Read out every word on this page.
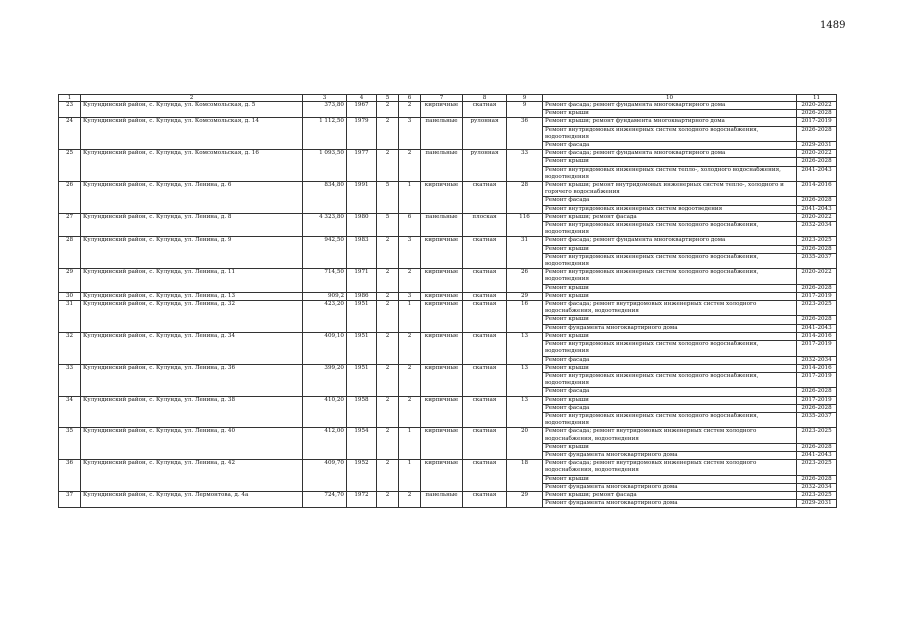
1489
1	2	3	4	5	6	7	8	9	10	11
23	Кулундинский район, с. Кулунда, ул. Комсомольская, д. 5	373,80	1967	2	2	кирпичные	скатная	9	Ремонт фасада; ремонт фундамента многоквартирного дома	2020-2022
									Ремонт крыши	2026-2028
24	Кулундинский район, с. Кулунда, ул. Комсомольская, д. 14	1 112,50	1979	2	3	панельные	рулонная	36	Ремонт крыши; ремонт фундамента многоквартирного дома	2017-2019
									Ремонт внутридомовых инженерных систем холодного водоснабжения, водоотведения	2026-2028
									Ремонт фасада	2029-2031
25	Кулундинский район, с. Кулунда, ул. Комсомольская, д. 16	1 093,50	1977	2	2	панельные	рулонная	33	Ремонт фасада; ремонт фундамента многоквартирного дома	2020-2022
									Ремонт крыши	2026-2028
									Ремонт внутридомовых инженерных систем тепло-, холодного водоснабжения, водоотведения	2041-2043
26	Кулундинский район, с. Кулунда, ул. Ленина, д. 6	834,80	1991	5	1	кирпичные	скатная	28	Ремонт крыши; ремонт внутридомовых инженерных систем тепло-, холодного и горячего водоснабжения	2014-2016
									Ремонт фасада	2026-2028
									Ремонт внутридомовых инженерных систем водоотведения	2041-2043
27	Кулундинский район, с. Кулунда, ул. Ленина, д. 8	4 323,80	1980	5	6	панельные	плоская	116	Ремонт крыши; ремонт фасада	2020-2022
									Ремонт внутридомовых инженерных систем холодного водоснабжения, водоотведения	2032-2034
28	Кулундинский район, с. Кулунда, ул. Ленина, д. 9	942,50	1983	2	3	кирпичные	скатная	31	Ремонт фасада; ремонт фундамента многоквартирного дома	2023-2025
									Ремонт крыши	2026-2028
									Ремонт внутридомовых инженерных систем холодного водоснабжения, водоотведения	2035-2037
29	Кулундинский район, с. Кулунда, ул. Ленина, д. 11	714,50	1971	2	2	кирпичные	скатная	26	Ремонт внутридомовых инженерных систем холодного водоснабжения, водоотведения	2020-2022
									Ремонт крыши	2026-2028
30	Кулундинский район, с. Кулунда, ул. Ленина, д. 13	909,2	1986	2	3	кирпичные	скатная	29	Ремонт крыши	2017-2019
31	Кулундинский район, с. Кулунда, ул. Ленина, д. 32	423,20	1951	2	1	кирпичные	скатная	16	Ремонт фасада; ремонт внутридомовых инженерных систем холодного водоснабжения, водоотведения	2023-2025
									Ремонт крыши	2026-2028
									Ремонт фундамента многоквартирного дома	2041-2043
32	Кулундинский район, с. Кулунда, ул. Ленина, д. 34	409,10	1951	2	2	кирпичные	скатная	13	Ремонт крыши	2014-2016
									Ремонт внутридомовых инженерных систем холодного водоснабжения, водоотведения	2017-2019
									Ремонт фасада	2032-2034
33	Кулундинский район, с. Кулунда, ул. Ленина, д. 36	399,20	1951	2	2	кирпичные	скатная	13	Ремонт крыши	2014-2016
									Ремонт внутридомовых инженерных систем холодного водоснабжения, водоотведения	2017-2019
									Ремонт фасада	2026-2028
34	Кулундинский район, с. Кулунда, ул. Ленина, д. 38	410,20	1958	2	2	кирпичные	скатная	13	Ремонт крыши	2017-2019
									Ремонт фасада	2026-2028
									Ремонт внутридомовых инженерных систем холодного водоснабжения, водоотведения	2035-2037
35	Кулундинский район, с. Кулунда, ул. Ленина, д. 40	412,00	1954	2	1	кирпичные	скатная	20	Ремонт фасада; ремонт внутридомовых инженерных систем холодного водоснабжения, водоотведения	2023-2025
									Ремонт крыши	2026-2028
									Ремонт фундамента многоквартирного дома	2041-2043
36	Кулундинский район, с. Кулунда, ул. Ленина, д. 42	409,70	1952	2	1	кирпичные	скатная	18	Ремонт фасада; ремонт внутридомовых инженерных систем холодного водоснабжения, водоотведения	2023-2025
									Ремонт крыши	2026-2028
									Ремонт фундамента многоквартирного дома	2032-2034
37	Кулундинский район, с. Кулунда, ул. Лермонтова, д. 4а	724,70	1972	2	2	панельные	скатная	29	Ремонт крыши; ремонт фасада	2023-2025
									Ремонт фундамента многоквартирного дома	2029-2031
